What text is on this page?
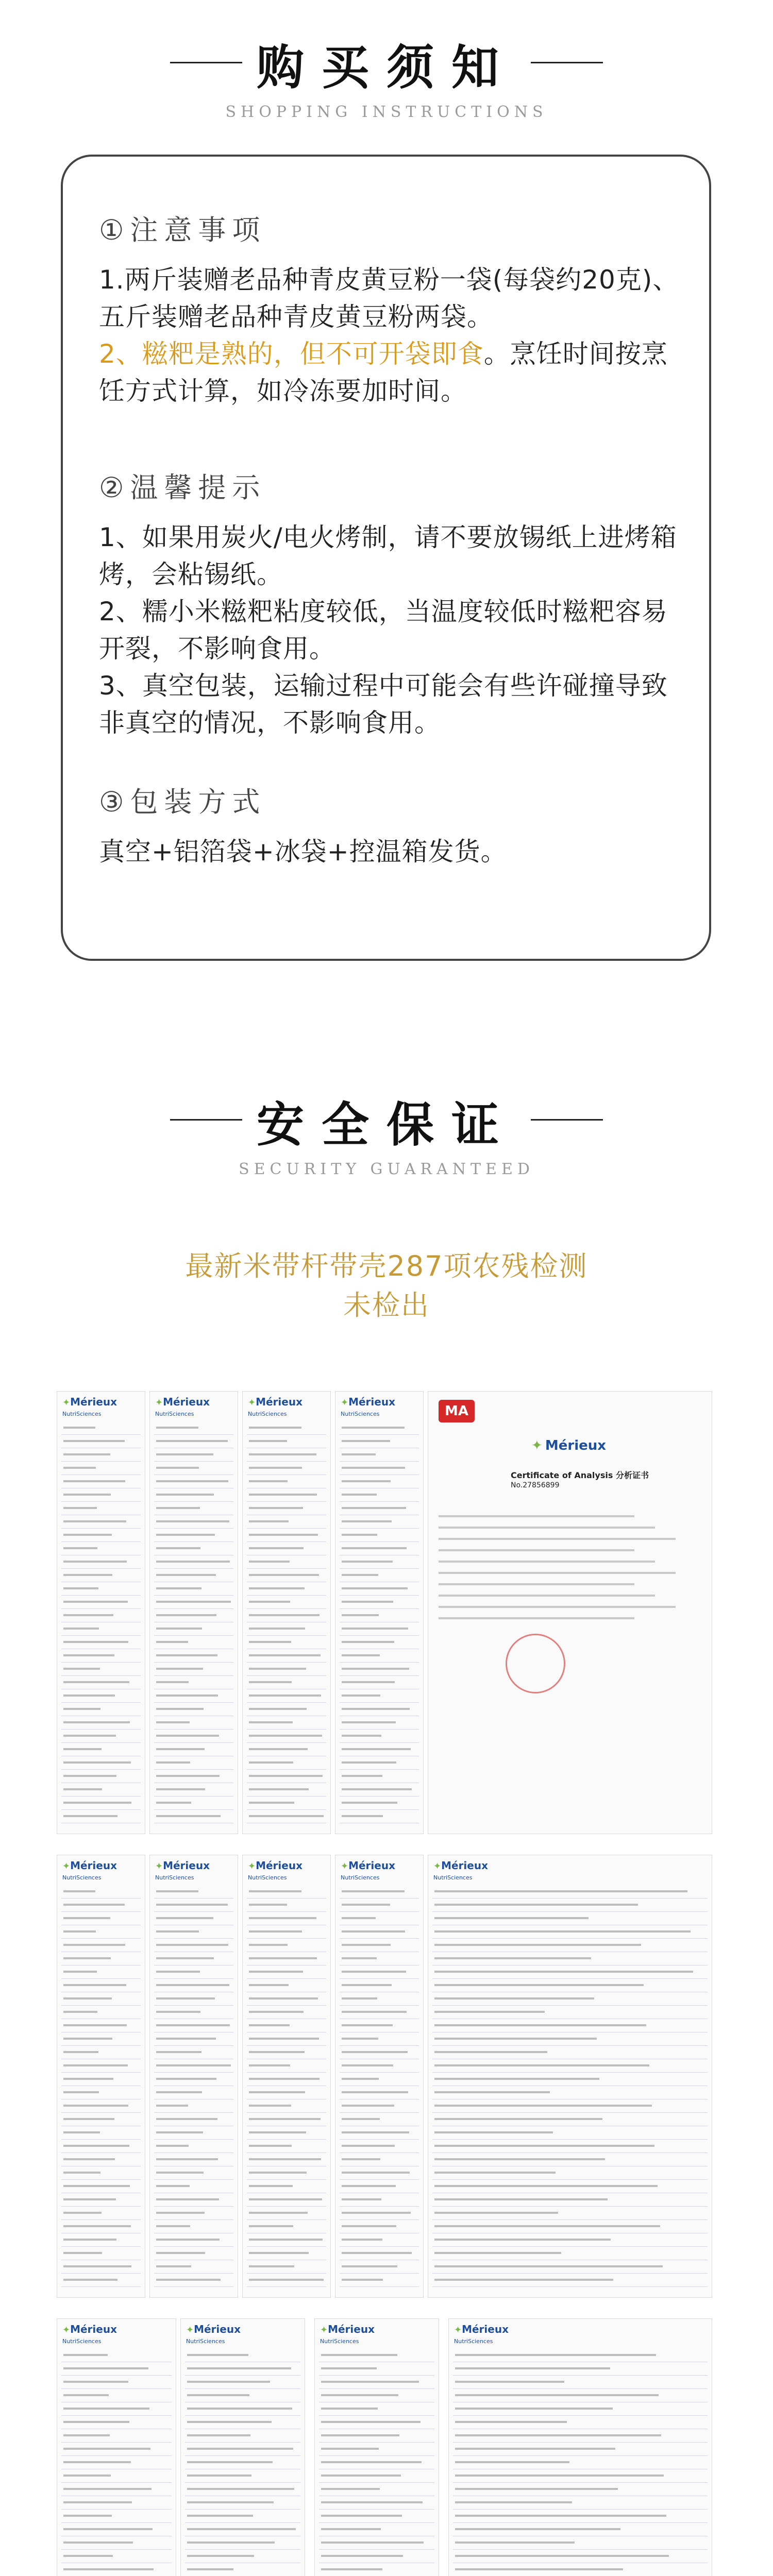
购买须知
SHOPPING INSTRUCTIONS
①注意事项

1.两斤装赠老品种青皮黄豆粉一袋(每袋约20克)、五斤装赠老品种青皮黄豆粉两袋。

2、糍粑是熟的，但不可开袋即食。烹饪时间按烹饪方式计算，如冷冻要加时间。

②温馨提示

1、如果用炭火/电火烤制，请不要放锡纸上进烤箱烤，会粘锡纸。

2、糯小米糍粑粘度较低，当温度较低时糍粑容易开裂，不影响食用。

3、真空包装，运输过程中可能会有些许碰撞导致非真空的情况，不影响食用。

③包装方式

真空+铝箔袋+冰袋+控温箱发货。

安全保证
SECURITY GUARANTEED
最新米带杆带壳287项农残检测
未检出
✦Mérieux
NutriSciences
✦Mérieux
NutriSciences
✦Mérieux
NutriSciences
✦Mérieux
NutriSciences	MA
✦ Mérieux
Certificate of Analysis 分析证书
No.27856899
✦Mérieux
NutriSciences
✦Mérieux
NutriSciences
✦Mérieux
NutriSciences
✦Mérieux
NutriSciences
✦Mérieux
NutriSciences
✦Mérieux
NutriSciences
✦Mérieux
NutriSciences
✦Mérieux
NutriSciences
✦Mérieux
NutriSciences
